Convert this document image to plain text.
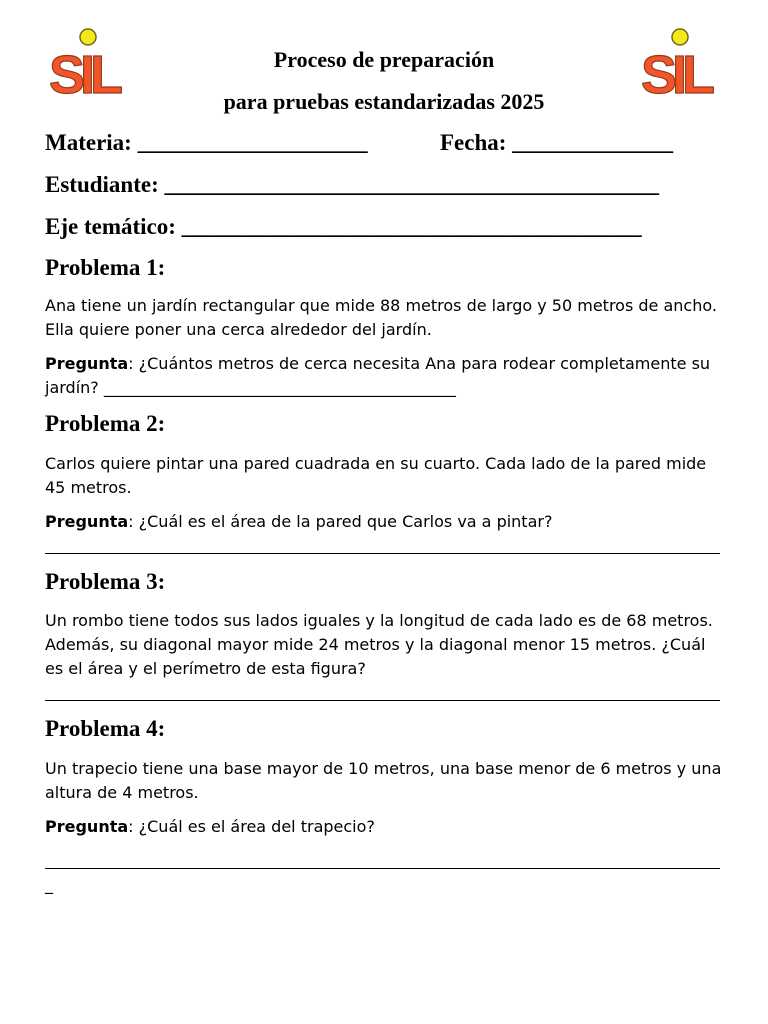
SIL	SIL
Proceso de preparación
para pruebas estandarizadas 2025
Materia: ____________________	Fecha: ______________
Estudiante: ___________________________________________
Eje temático: ________________________________________
Problema 1:
Ana tiene un jardín rectangular que mide 88 metros de largo y 50 metros de ancho. Ella quiere poner una cerca alrededor del jardín.
Pregunta: ¿Cuántos metros de cerca necesita Ana para rodear completamente su jardín? ____________________________________________
Problema 2:
Carlos quiere pintar una pared cuadrada en su cuarto. Cada lado de la pared mide 45 metros.
Pregunta: ¿Cuál es el área de la pared que Carlos va a pintar?
Problema 3:
Un rombo tiene todos sus lados iguales y la longitud de cada lado es de 68 metros. Además, su diagonal mayor mide 24 metros y la diagonal menor 15 metros. ¿Cuál es el área y el perímetro de esta figura?
Problema 4:
Un trapecio tiene una base mayor de 10 metros, una base menor de 6 metros y una altura de 4 metros.
Pregunta: ¿Cuál es el área del trapecio?
_
